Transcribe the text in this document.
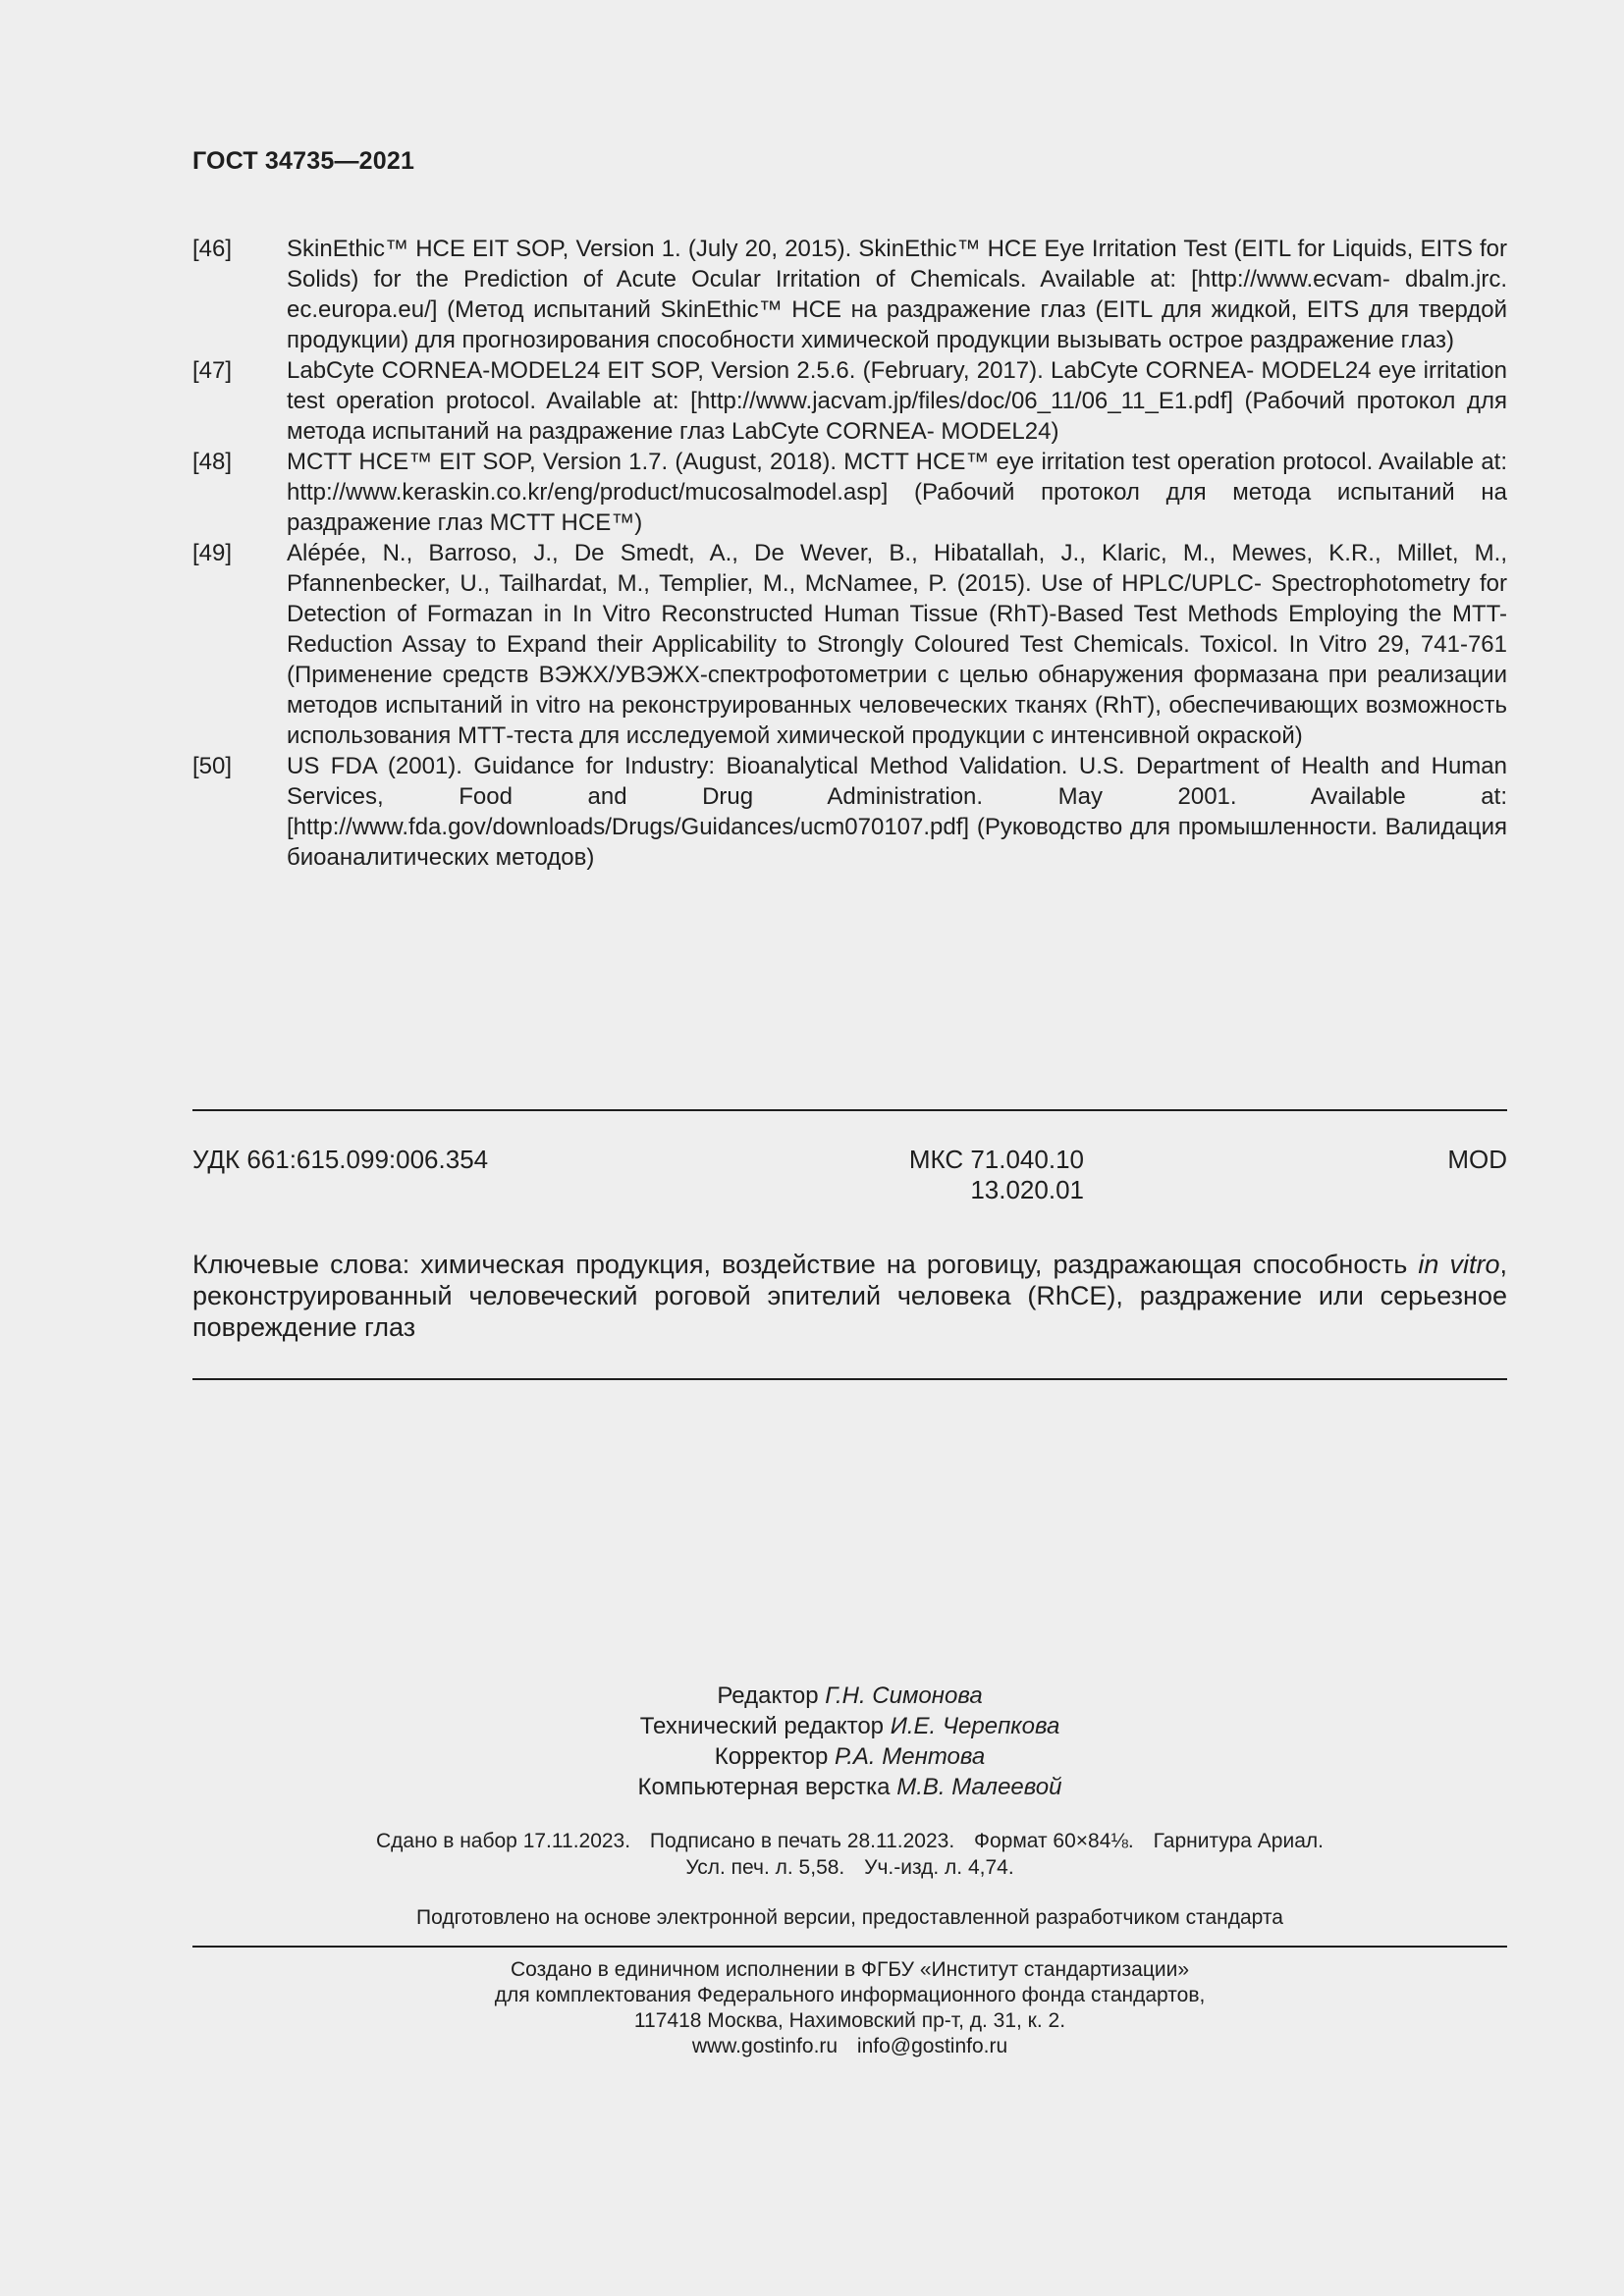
ГОСТ 34735—2021
[46]	SkinEthic™ HCE EIT SOP, Version 1. (July 20, 2015). SkinEthic™ HCE Eye Irritation Test (EITL for Liquids, EITS for Solids) for the Prediction of Acute Ocular Irritation of Chemicals. Available at: [http://www.ecvam- dbalm.jrc. ec.europa.eu/] (Метод испытаний SkinEthic™ HCE на раздражение глаз (EITL для жидкой, EITS для твердой продукции) для прогнозирования способности химической продукции вызывать острое раздражение глаз)
[47]	LabCyte CORNEA-MODEL24 EIT SOP, Version 2.5.6. (February, 2017). LabCyte CORNEA- MODEL24 eye irritation test operation protocol. Available at: [http://www.jacvam.jp/files/doc/06_11/06_11_E1.pdf] (Рабочий протокол для метода испытаний на раздражение глаз LabCyte CORNEA- MODEL24)
[48]	MCTT HCE™ EIT SOP, Version 1.7. (August, 2018). MCTT HCE™ eye irritation test operation protocol. Available at: http://www.keraskin.co.kr/eng/product/mucosalmodel.asp] (Рабочий протокол для метода испытаний на раздражение глаз MCTT HCE™)
[49]	Alépée, N., Barroso, J., De Smedt, A., De Wever, B., Hibatallah, J., Klaric, M., Mewes, K.R., Millet, M., Pfannenbecker, U., Tailhardat, M., Templier, M., McNamee, P. (2015). Use of HPLC/UPLC- Spectrophotometry for Detection of Formazan in In Vitro Reconstructed Human Tissue (RhT)-Based Test Methods Employing the MTT-Reduction Assay to Expand their Applicability to Strongly Coloured Test Chemicals. Toxicol. In Vitro 29, 741-761 (Применение средств ВЭЖХ/УВЭЖХ-спектрофотометрии с целью обнаружения формазана при реализации методов испытаний in vitro на реконструированных человеческих тканях (RhT), обеспечивающих возможность использования МТТ-теста для исследуемой химической продукции с интенсивной окраской)
[50]	US FDA (2001). Guidance for Industry: Bioanalytical Method Validation. U.S. Department of Health and Human Services, Food and Drug Administration. May 2001. Available at: [http://www.fda.gov/downloads/Drugs/Guidances/ucm070107.pdf] (Руководство для промышленности. Валидация биоаналитических методов)
УДК 661:615.099:006.354	МКС 71.040.10
13.020.01
MOD
Ключевые слова: химическая продукция, воздействие на роговицу, раздражающая способность in vitro, реконструированный человеческий роговой эпителий человека (RhCE), раздражение или серьезное повреждение глаз
Редактор Г.Н. Симонова
Технический редактор И.Е. Черепкова
Корректор Р.А. Ментова
Компьютерная верстка М.В. Малеевой
Сдано в набор 17.11.2023. Подписано в печать 28.11.2023. Формат 60×84⅛. Гарнитура Ариал.
Усл. печ. л. 5,58. Уч.-изд. л. 4,74.
Подготовлено на основе электронной версии, предоставленной разработчиком стандарта
Создано в единичном исполнении в ФГБУ «Институт стандартизации»
для комплектования Федерального информационного фонда стандартов,
117418 Москва, Нахимовский пр-т, д. 31, к. 2.
www.gostinfo.ru info@gostinfo.ru
